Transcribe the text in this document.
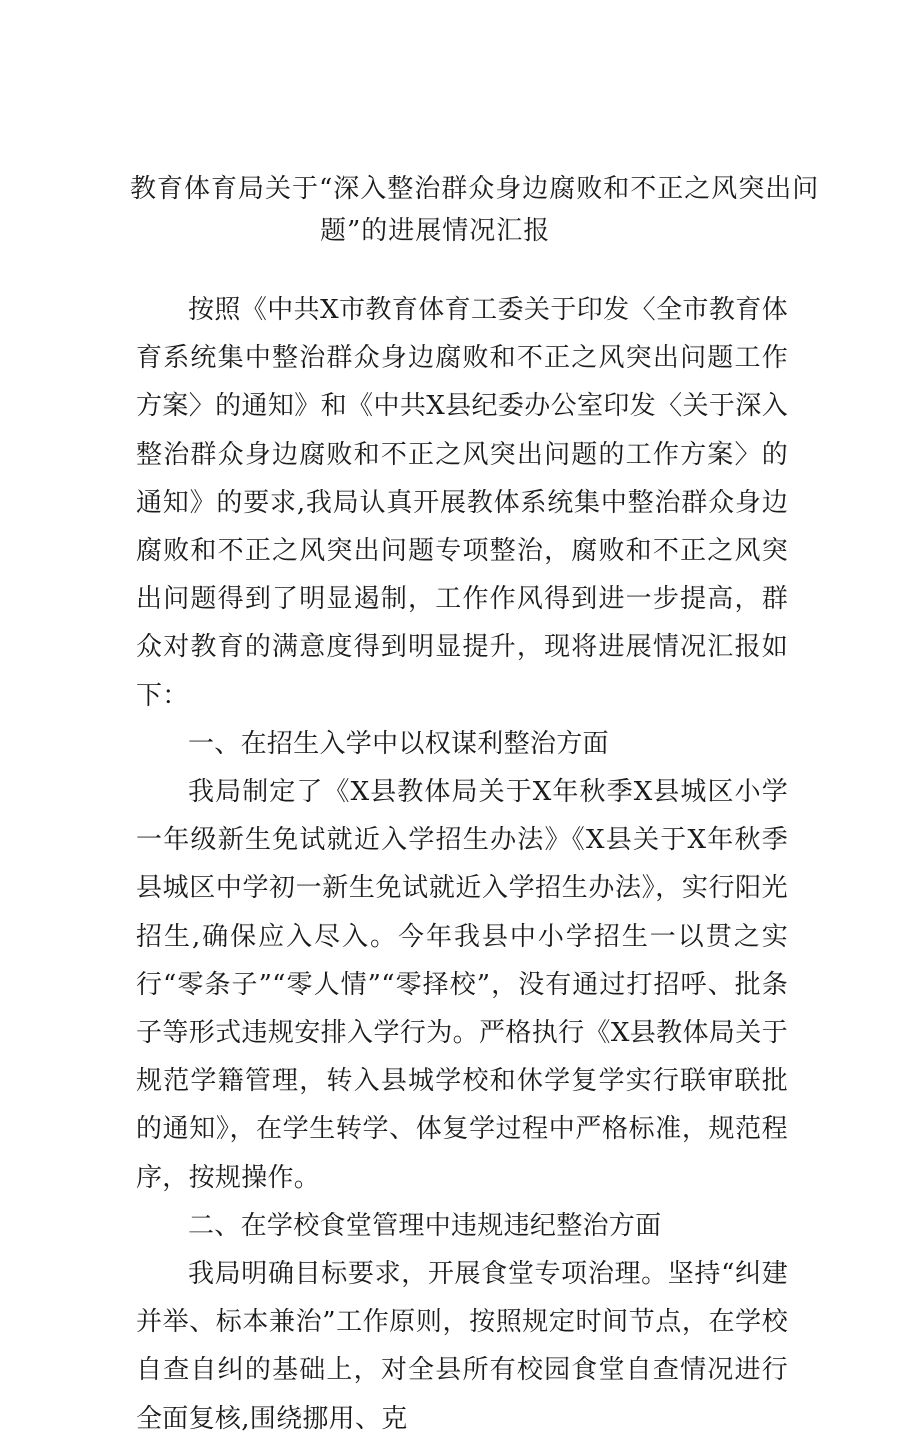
教育体育局关于“深入整治群众身边腐败和不正之风突出问
题”的进展情况汇报

按照《中共X市教育体育工委关于印发〈全市教育体育系统集中整治群众身边腐败和不正之风突出问题工作方案〉的通知》和《中共X县纪委办公室印发〈关于深入整治群众身边腐败和不正之风突出问题的工作方案〉的通知》的要求,我局认真开展教体系统集中整治群众身边腐败和不正之风突出问题专项整治，腐败和不正之风突出问题得到了明显遏制，工作作风得到进一步提高，群众对教育的满意度得到明显提升，现将进展情况汇报如下：

一、在招生入学中以权谋利整治方面

我局制定了《X县教体局关于X年秋季X县城区小学一年级新生免试就近入学招生办法》《X县关于X年秋季县城区中学初一新生免试就近入学招生办法》，实行阳光招生,确保应入尽入。今年我县中小学招生一以贯之实行“零条子”“零人情”“零择校”，没有通过打招呼、批条子等形式违规安排入学行为。严格执行《X县教体局关于规范学籍管理，转入县城学校和休学复学实行联审联批的通知》，在学生转学、体复学过程中严格标准，规范程序，按规操作。

二、在学校食堂管理中违规违纪整治方面

我局明确目标要求，开展食堂专项治理。坚持“纠建并举、标本兼治”工作原则，按照规定时间节点，在学校自查自纠的基础上，对全县所有校园食堂自查情况进行全面复核,围绕挪用、克
